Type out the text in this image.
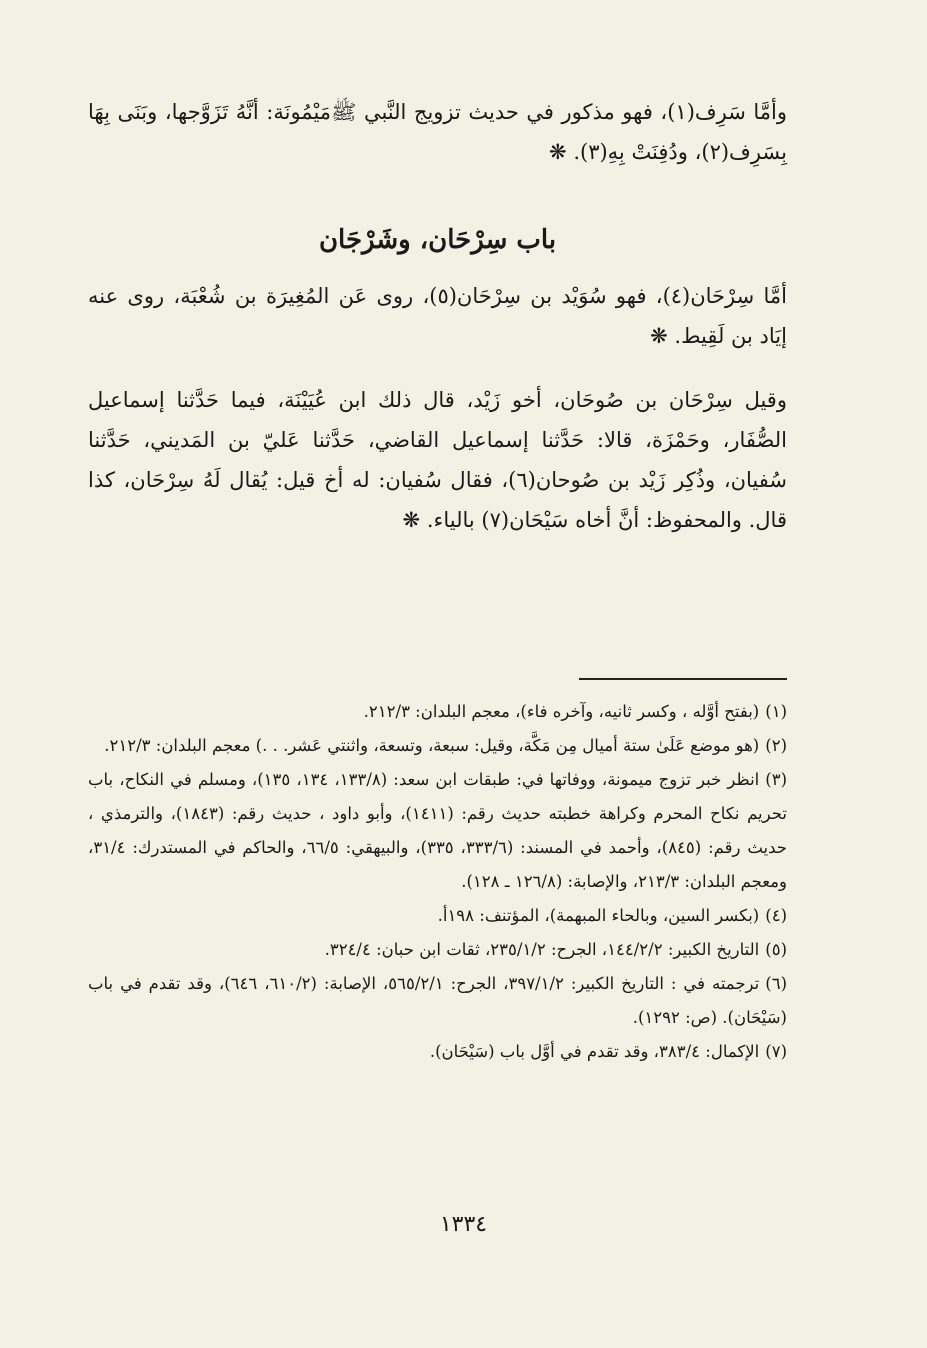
وأمَّا سَرِف(١)، فهو مذكور في حديث تزويج النَّبي ﷺمَيْمُونَة: أنَّهُ تَزَوَّجها، وبَنَى بِهَا بِسَرِف(٢)، ودُفِنَتْ بِهِ(٣). ❋

باب سِرْحَان، وشَرْجَان

أمَّا سِرْحَان(٤)، فهو سُوَيْد بن سِرْحَان(٥)، روى عَن المُغِيرَة بن شُعْبَة، روى عنه إيَاد بن لَقِيط. ❋

وقيل سِرْحَان بن صُوحَان، أخو زَيْد، قال ذلك ابن عُيَيْنَة، فيما حَدَّثنا إسماعيل الصُّفَار، وحَمْزَة، قالا: حَدَّثنا إسماعيل القاضي، حَدَّثنا عَليّ بن المَديني، حَدَّثنا سُفيان، وذُكِر زَيْد بن صُوحان(٦)، فقال سُفيان: له أخ قيل: يُقال لَهُ سِرْحَان، كذا قال. والمحفوظ: أنَّ أخاه سَيْحَان(٧) بالياء. ❋

(١)(بفتح أوَّله ، وكسر ثانيه، وآخره فاء)، معجم البلدان: ٢١٢/٣.

(٢)(هو موضع عَلَىٰ ستة أميال مِن مَكَّة، وقيل: سبعة، وتسعة، واثنتي عَشر. . .) معجم البلدان: ٢١٢/٣.

(٣)انظر خبر تزوج ميمونة، ووفاتها في: طبقات ابن سعد: (١٣٣/٨، ١٣٤، ١٣٥)، ومسلم في النكاح، باب تحريم نكاح المحرم وكراهة خطبته حديث رقم: (١٤١١)، وأبو داود ، حديث رقم: (١٨٤٣)، والترمذي ، حديث رقم: (٨٤٥)، وأحمد في المسند: (٣٣٣/٦، ٣٣٥)، والبيهقي: ٦٦/٥، والحاكم في المستدرك: ٣١/٤، ومعجم البلدان: ٢١٣/٣، والإصابة: (١٢٦/٨ ـ ١٢٨).

(٤)(بكسر السين، وبالحاء المبهمة)، المؤتنف: ١٩٨أ.

(٥)التاريخ الكبير: ١٤٤/٢/٢، الجرح: ٢٣٥/١/٢، ثقات ابن حبان: ٣٢٤/٤.

(٦)ترجمته في : التاريخ الكبير: ٣٩٧/١/٢، الجرح: ٥٦٥/٢/١، الإصابة: (٦١٠/٢، ٦٤٦)، وقد تقدم في باب (سَيْحَان). (ص: ١٢٩٢).

(٧)الإكمال: ٣٨٣/٤، وقد تقدم في أوَّل باب (سَيْحَان).

١٣٣٤
